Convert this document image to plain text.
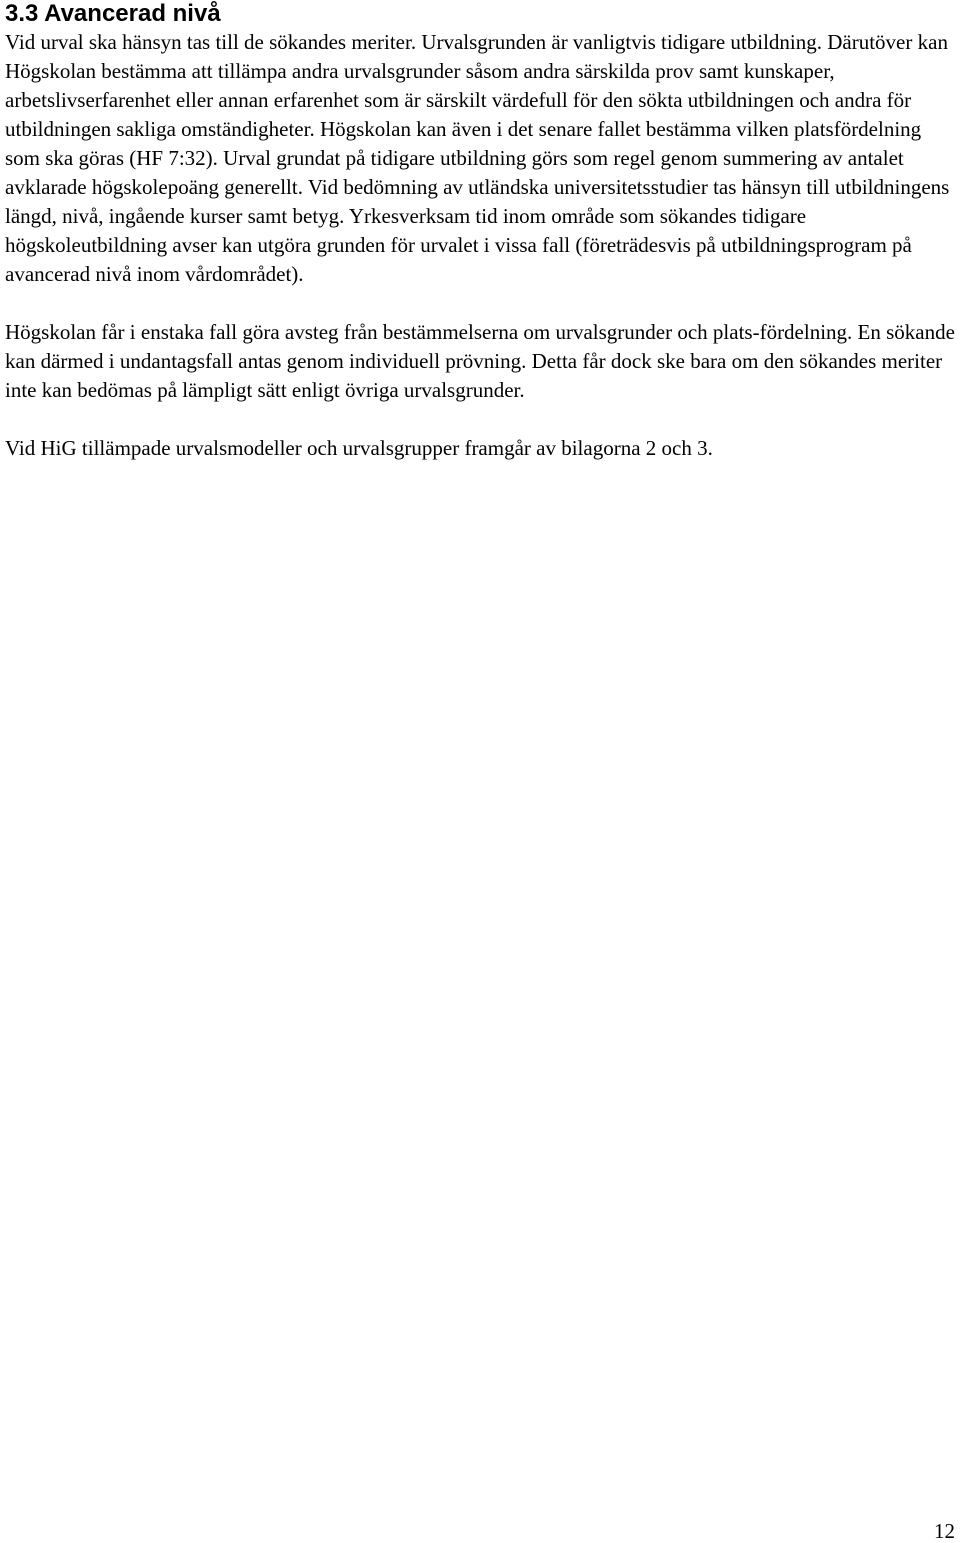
3.3 Avancerad nivå

Vid urval ska hänsyn tas till de sökandes meriter. Urvalsgrunden är vanligtvis tidigare utbildning. Därutöver kan Högskolan bestämma att tillämpa andra urvalsgrunder såsom andra särskilda prov samt kunskaper, arbetslivserfarenhet eller annan erfarenhet som är särskilt värdefull för den sökta utbildningen och andra för utbildningen sakliga omständigheter. Högskolan kan även i det senare fallet bestämma vilken platsfördelning som ska göras (HF 7:32). Urval grundat på tidigare utbildning görs som regel genom summering av antalet avklarade högskolepoäng generellt. Vid bedömning av utländska universitetsstudier tas hänsyn till utbildningens längd, nivå, ingående kurser samt betyg. Yrkesverksam tid inom område som sökandes tidigare högskoleutbildning avser kan utgöra grunden för urvalet i vissa fall (företrädesvis på utbildningsprogram på avancerad nivå inom vårdområdet).

Högskolan får i enstaka fall göra avsteg från bestämmelserna om urvalsgrunder och plats-fördelning. En sökande kan därmed i undantagsfall antas genom individuell prövning. Detta får dock ske bara om den sökandes meriter inte kan bedömas på lämpligt sätt enligt övriga urvalsgrunder.

Vid HiG tillämpade urvalsmodeller och urvalsgrupper framgår av bilagorna 2 och 3.

12
